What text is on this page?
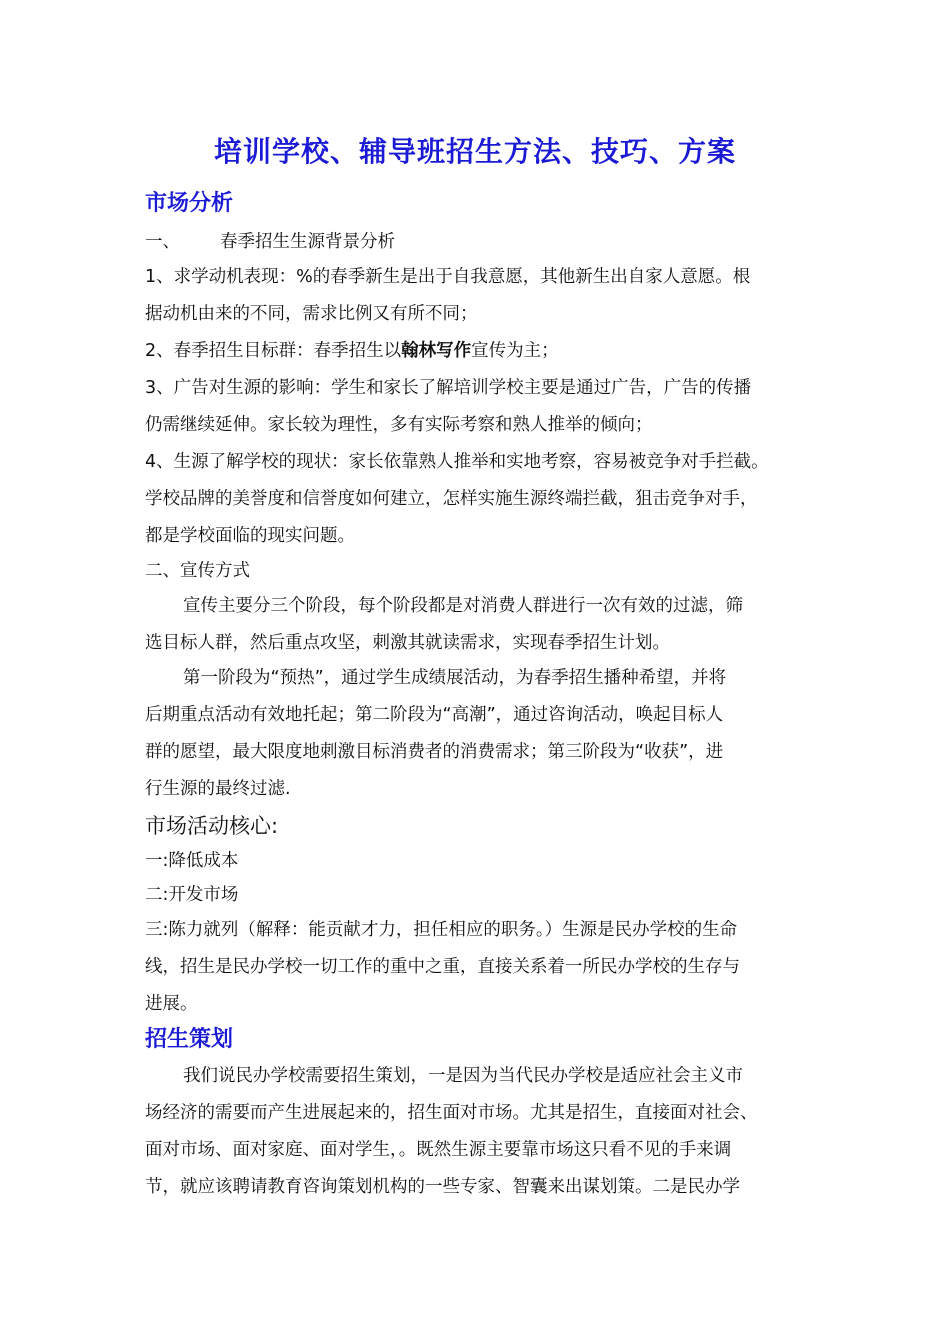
培训学校、辅导班招生方法、技巧、方案
市场分析
一、 春季招生生源背景分析
1、求学动机表现：%的春季新生是出于自我意愿，其他新生出自家人意愿。根
据动机由来的不同，需求比例又有所不同；
2、春季招生目标群：春季招生以翰林写作宣传为主；
3、广告对生源的影响：学生和家长了解培训学校主要是通过广告，广告的传播
仍需继续延伸。家长较为理性，多有实际考察和熟人推举的倾向；
4、生源了解学校的现状：家长依靠熟人推举和实地考察，容易被竞争对手拦截。
学校品牌的美誉度和信誉度如何建立，怎样实施生源终端拦截，狙击竞争对手，
都是学校面临的现实问题。
二、宣传方式
宣传主要分三个阶段，每个阶段都是对消费人群进行一次有效的过滤，筛
选目标人群，然后重点攻坚，刺激其就读需求，实现春季招生计划。
第一阶段为“预热”，通过学生成绩展活动，为春季招生播种希望，并将
后期重点活动有效地托起；第二阶段为“高潮”，通过咨询活动，唤起目标人
群的愿望，最大限度地刺激目标消费者的消费需求；第三阶段为“收获”，进
行生源的最终过滤.
市场活动核心:
一:降低成本
二:开发市场
三:陈力就列（解释：能贡献才力，担任相应的职务。）生源是民办学校的生命
线，招生是民办学校一切工作的重中之重，直接关系着一所民办学校的生存与
进展。
招生策划
我们说民办学校需要招生策划，一是因为当代民办学校是适应社会主义市
场经济的需要而产生进展起来的，招生面对市场。尤其是招生，直接面对社会、
面对市场、面对家庭、面对学生，。既然生源主要靠市场这只看不见的手来调
节，就应该聘请教育咨询策划机构的一些专家、智囊来出谋划策。二是民办学
